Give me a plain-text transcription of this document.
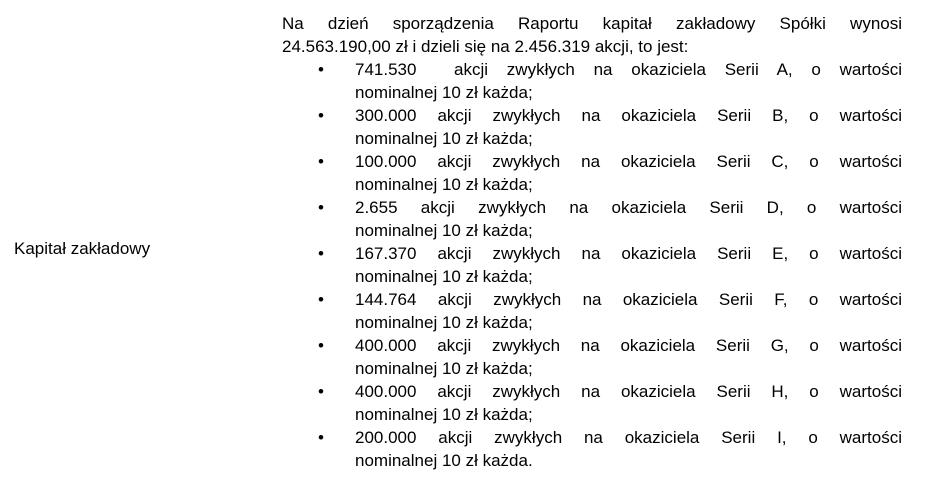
Kapitał zakładowy

Na dzień sporządzenia Raportu kapitał zakładowy Spółki wynosi
24.563.190,00 zł i dzieli się na 2.456.319 akcji, to jest:

• 741.530  akcji zwykłych na okaziciela Serii A, o wartości
nominalnej 10 zł każda;
• 300.000 akcji zwykłych na okaziciela Serii B, o wartości
nominalnej 10 zł każda;
• 100.000 akcji zwykłych na okaziciela Serii C, o wartości
nominalnej 10 zł każda;
• 2.655 akcji zwykłych na okaziciela Serii D, o wartości
nominalnej 10 zł każda;
• 167.370 akcji zwykłych na okaziciela Serii E, o wartości
nominalnej 10 zł każda;
• 144.764 akcji zwykłych na okaziciela Serii F, o wartości
nominalnej 10 zł każda;
• 400.000 akcji zwykłych na okaziciela Serii G, o wartości
nominalnej 10 zł każda;
• 400.000 akcji zwykłych na okaziciela Serii H, o wartości
nominalnej 10 zł każda;
• 200.000 akcji zwykłych na okaziciela Serii I, o wartości
nominalnej 10 zł każda.
